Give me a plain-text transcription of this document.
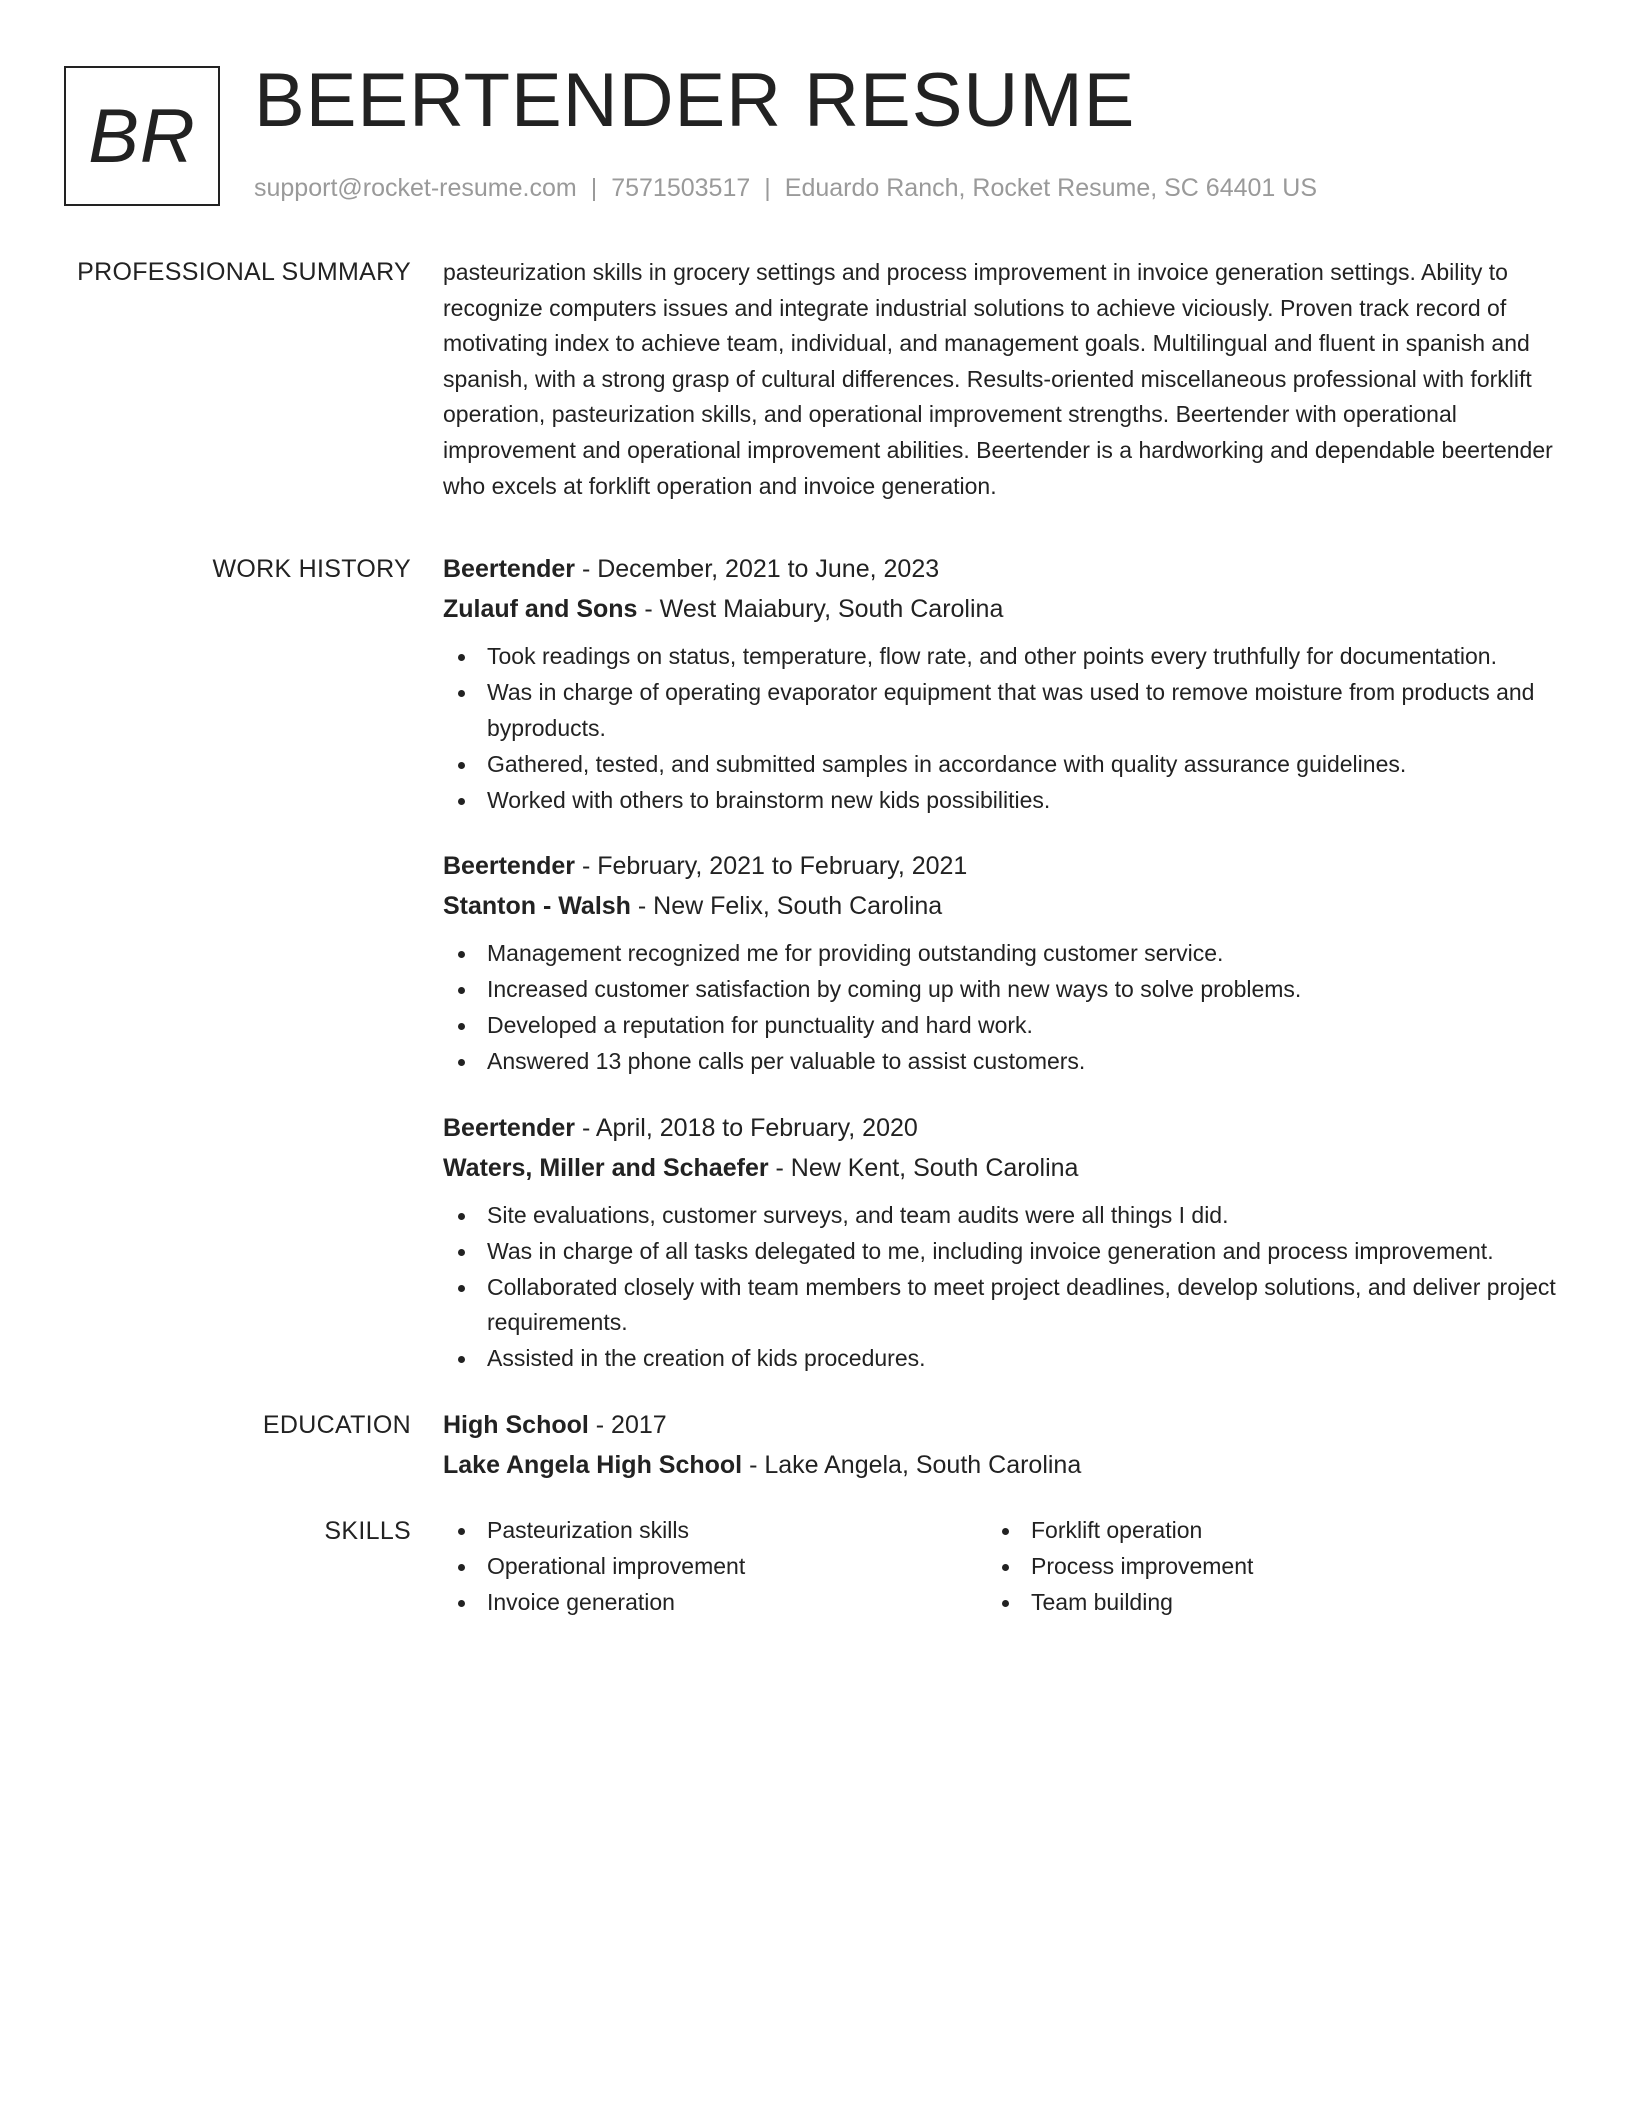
BR BEERTENDER RESUME
support@rocket-resume.com | 7571503517 | Eduardo Ranch, Rocket Resume, SC 64401 US
PROFESSIONAL SUMMARY pasteurization skills in grocery settings and process improvement in invoice generation settings. Ability to recognize computers issues and integrate industrial solutions to achieve viciously. Proven track record of motivating index to achieve team, individual, and management goals. Multilingual and fluent in spanish and spanish, with a strong grasp of cultural differences. Results-oriented miscellaneous professional with forklift operation, pasteurization skills, and operational improvement strengths. Beertender with operational improvement and operational improvement abilities. Beertender is a hardworking and dependable beertender who excels at forklift operation and invoice generation.

WORK HISTORY Beertender - December, 2021 to June, 2023

Zulauf and Sons - West Maiabury, South Carolina

Took readings on status, temperature, flow rate, and other points every truthfully for documentation.
Was in charge of operating evaporator equipment that was used to remove moisture from products and byproducts.
Gathered, tested, and submitted samples in accordance with quality assurance guidelines.
Worked with others to brainstorm new kids possibilities.

Beertender - February, 2021 to February, 2021

Stanton - Walsh - New Felix, South Carolina

Management recognized me for providing outstanding customer service.
Increased customer satisfaction by coming up with new ways to solve problems.
Developed a reputation for punctuality and hard work.
Answered 13 phone calls per valuable to assist customers.

Beertender - April, 2018 to February, 2020

Waters, Miller and Schaefer - New Kent, South Carolina

Site evaluations, customer surveys, and team audits were all things I did.
Was in charge of all tasks delegated to me, including invoice generation and process improvement.
Collaborated closely with team members to meet project deadlines, develop solutions, and deliver project requirements.
Assisted in the creation of kids procedures.
EDUCATION High School - 2017

Lake Angela High School - Lake Angela, South Carolina

SKILLS	Pasteurization skills
Operational improvement
Invoice generation
Forklift operation
Process improvement
Team building
